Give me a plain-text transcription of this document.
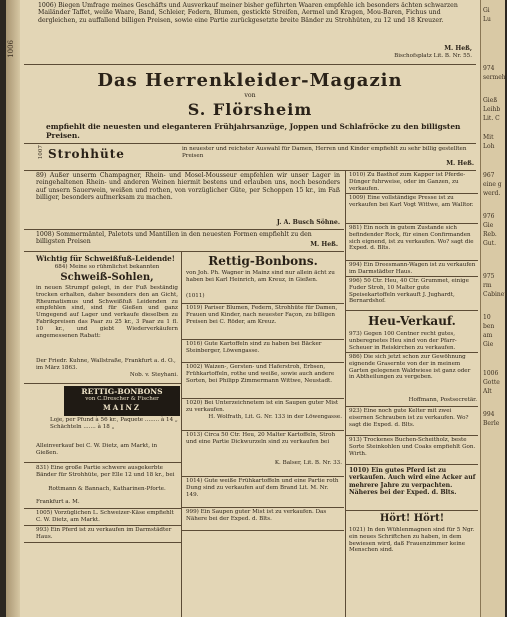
1006
1006) Biegen Umfrage meines Geschäfts und Ausverkauf meiner bisher geführten Waaren empfehle ich besonders ächten schwarzen Mailänder Taffet, weiße Waare, Band, Schleier, Federn, Blumen, gestickte Streifen, Aermel und Kragen, Mou-Baren, Fichus und dergleichen, zu auffallend billigen Preisen, sowie eine Partie zurückgesetzte breite Bänder zu Strohhüten, zu 12 und 18 Kreuzer.
M. Heß,
Bischofsplatz Lit. B. Nr. 55.
Das Herrenkleider-Magazin
von
S. Flörsheim
empfiehlt die neuesten und eleganteren Frühjahrsanzüge, Joppen und Schlafröcke zu den billigsten Preisen.
1007 Strohhüte	in neuester und reichster Auswahl für Damen, Herren und Kinder empfiehlt zu sehr billig gestellten Preisen
M. Heß.
89) Außer unserm Champagner, Rhein- und Mosel-Mousseur empfehlen wir unser Lager in reingehaltenen Rhein- und anderen Weinen hiermit bestens und erlauben uns, noch besonders auf unsern Sauerwein, weißen und rothen, von vorzüglicher Güte, per Schoppen 15 kr., im Faß billiger, besonders aufmerksam zu machen.
J. A. Busch Söhne.
1008) Sommermäntel, Paletots und Mantillen in den neuesten Formen empfiehlt zu den billigsten Preisen
Wichtig für Schweißfuß-Leidende!
684) Meine so rühmlichst bekannten
Schweiß-Sohlen,
in neuen Strumpf gelegt, in der Fuß beständig trocken erhalten, daher besonders den an Gicht, Rheumatismus und Schweißfuß Leidenden zu empfehlen sind, sind für Gießen und ganz Umgegend auf Lager und verkaufe dieselben zu Fabrikpreisen das Paar zu 25 kr., 3 Paar zu 1 fl. 10 kr., und giebt Wiederverkäufern angemessenen Rabatt:
Der Friedr. Kuhne, Wallstraße, Frankfurt a. d. O., im März 1863.
Nob. v. Steyhani.
RETTIG-BONBONS
von C.Drescher & Fischer
MAINZ
Loje, per Pfund à 56 kr., Paquete ........ à 14 „ Schächteln ....... à 18 „
Alleinverkauf bei C. W. Dietz, am Markt, in Gießen.
831) Eine große Partie schwere ausgekerbte Bänder für Strohhüte, per Elle 12 und 18 kr., bei
Rottmann & Bannach, Katharinen-Pforte.
Frankfurt a. M.
1005) Vorzüglichen L. Schweizer-Käse empfiehlt C. W. Dietz, am Markt.
993) Ein Pferd ist zu verkaufen im Darmstädter Haus.
Rettig-Bonbons.
von Joh. Ph. Wagner in Mainz sind nur allein ächt zu haben bei Karl Heinrich, am Kreuz, in Gießen.
(1011)
1019) Pariser Blumen, Federn, Strohhüte für Damen, Frauen und Kinder, nach neuester Façon, zu billigen Preisen bei C. Röder, am Kreuz.
1016) Gute Kartoffeln sind zu haben bei Bäcker Steinberger, Löwengasse.
1002) Waizen-, Gersten- und Haferstroh, Erbsen, Frühkartoffeln, rothe und weiße, sowie auch andere Sorten, bei Philipp Zimmermann Wittwe, Neustadt.
1020) Bei Unterzeichnetem ist ein Saupen guter Mist zu verkaufen.
H. Wolfrath, Lit. G. Nr. 133 in der Löwengasse.
1013) Circa 50 Ctr. Heu, 20 Malter Kartoffeln, Stroh und eine Partie Dickwurzeln sind zu verkaufen bei
K. Balser, Lit. B. Nr. 33.
1014) Gute weiße Frühkartoffeln und eine Partie roth Dung sind zu verkaufen auf dem Brand Lit. M. Nr. 149.
999) Ein Saupen guter Mist ist zu verkaufen. Das Nähere bei der Exped. d. Blts.
1010) Zu Basthof zum Kapper ist Pferde-Dünger fuhrweise, oder im Ganzen, zu verkaufen.
1009) Eine vollständige Presse ist zu verkaufen bei Karl Vogt Wittwe, am Walltor.
981) Ein noch in gutem Zustande sich befindender Rock, für einen Confirmanden sich eignend, ist zu verkaufen. Wo? sagt die Exped. d. Blts.
994) Ein Dreesmann-Wagen ist zu verkaufen im Darmstädter Haus.
996) 50 Ctr. Heu, 40 Ctr. Grummet, einige Fuder Stroh, 10 Malter gute Speisekartoffeln verkauft J. Jughardt, Bernardshof.
Heu-Verkauf.
973) Gegen 100 Centner recht gutes, unberegnetes Heu sind von der Pfarr-Scheuer in Reiskirchen zu verkaufen.
986) Die sich jetzt schon zur Gewöhnung eignende Grasernte von der in meinem Garten gelegenen Waldwiese ist ganz oder in Abtheilungen zu vergeben.
Hoffmann, Postsecretär.
923) Eine noch gute Kelter mit zwei eisernen Schrauben ist zu verkaufen. Wo? sagt die Exped. d. Blts.
913) Trockenes Buchen-Scheitholz, beste Sorte Steinkohlen und Coaks empfiehlt Gon. Wirth.
1010) Ein gutes Pferd ist zu verkaufen. Auch wird eine Acker auf mehrere Jahre zu verpachten. Näheres bei der Exped. d. Blts.
Hört! Hört!
1021) In den Wühlenmagnen sind für 5 Ngr. ein neues Schriftchen zu haben, in dem bewiesen wird, daß Frauenzimmer keine Menschen sind.
Gi
Lu
974
sermeh
Gieß
Leihb
Lit. C
Mit
Loh
967
eine g
werd.
976
Gie
Reb.
Gut.
975
rm
Cabinet
10
ben
am
Gie
1006
Gotte
Alt
994
Berle
M. Heß.
